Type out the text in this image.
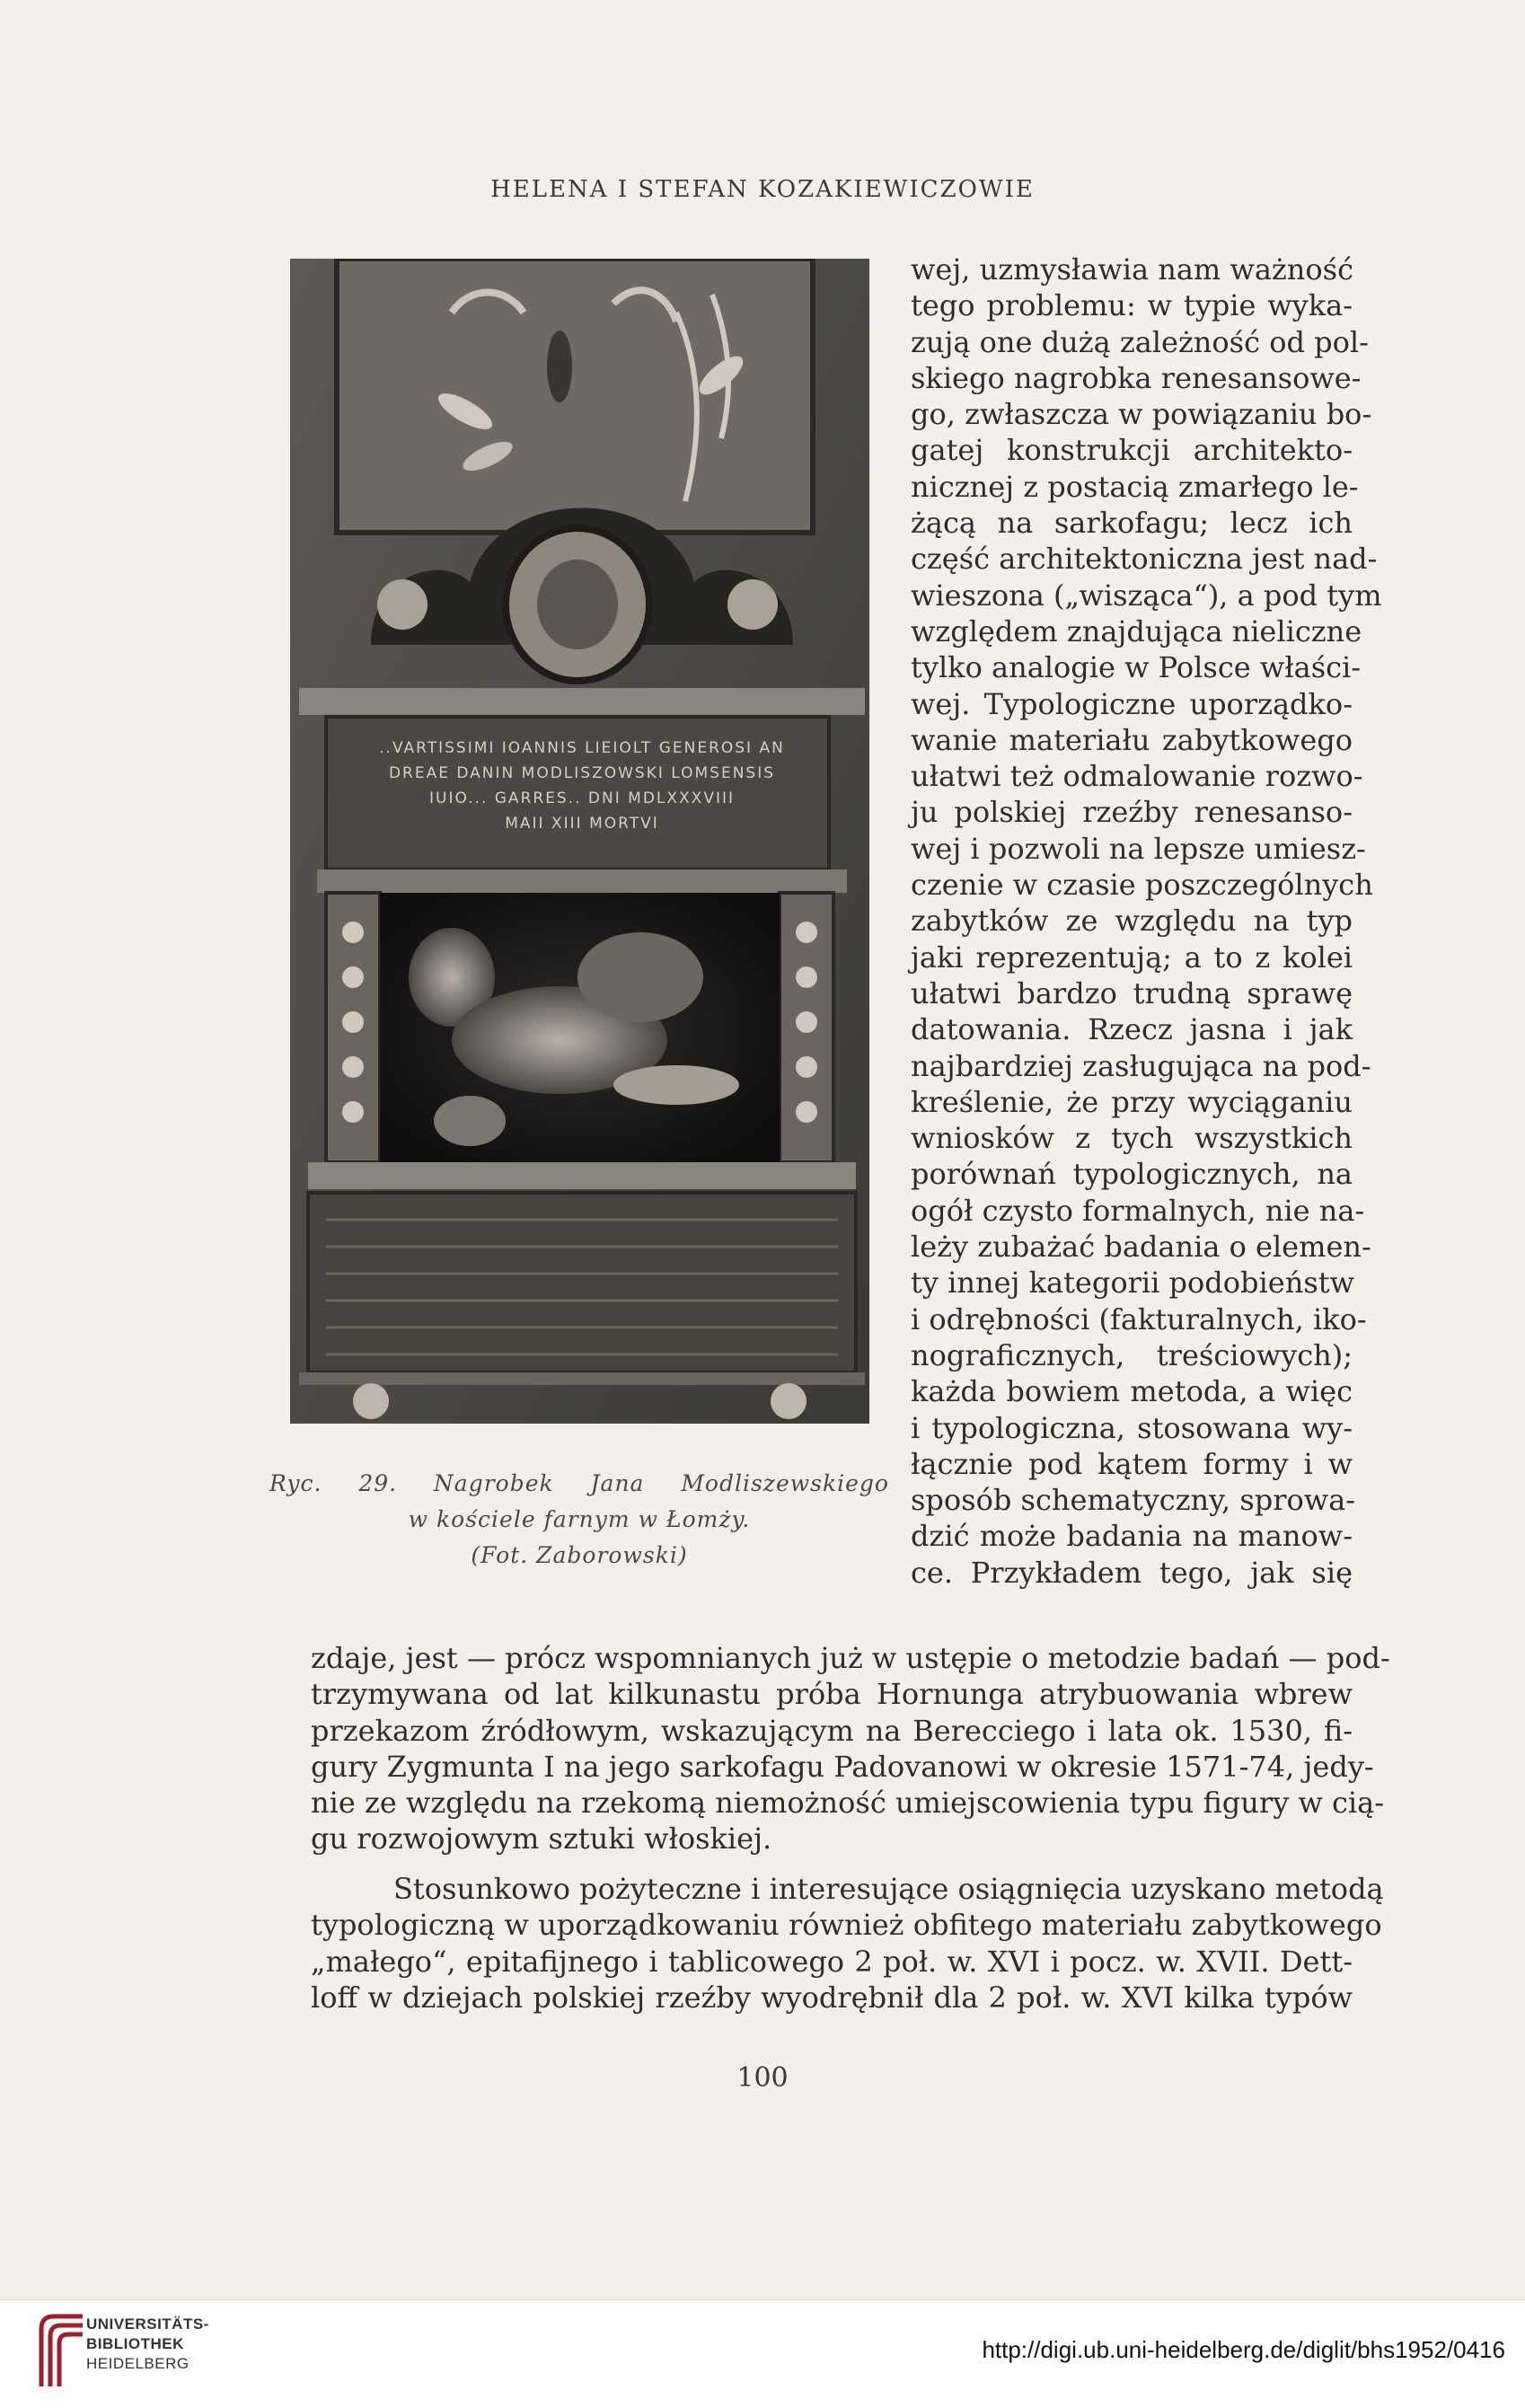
HELENA I STEFAN KOZAKIEWICZOWIE
..VARTISSIMI IOANNIS LIEIOLT GENEROSI AN
DREAE DANIN MODLISZOWSKI LOMSENSIS
IUIO... GARRES.. DNI MDLXXXVIII
MAII XIII MORTVI
Ryc. 29. Nagrobek Jana Modliszewskiego
w kościele farnym w Łomży.
(Fot. Zaborowski)
wej, uzmysławia nam ważność
tego problemu: w typie wyka-
zują one dużą zależność od pol-
skiego nagrobka renesansowe-
go, zwłaszcza w powiązaniu bo-
gatej konstrukcji architekto-
nicznej z postacią zmarłego le-
żącą na sarkofagu; lecz ich
część architektoniczna jest nad-
wieszona („wisząca“), a pod tym
względem znajdująca nieliczne
tylko analogie w Polsce właści-
wej. Typologiczne uporządko-
wanie materiału zabytkowego
ułatwi też odmalowanie rozwo-
ju polskiej rzeźby renesanso-
wej i pozwoli na lepsze umiesz-
czenie w czasie poszczególnych
zabytków ze względu na typ
jaki reprezentują; a to z kolei
ułatwi bardzo trudną sprawę
datowania. Rzecz jasna i jak
najbardziej zasługująca na pod-
kreślenie, że przy wyciąganiu
wniosków z tych wszystkich
porównań typologicznych, na
ogół czysto formalnych, nie na-
leży zubażać badania o elemen-
ty innej kategorii podobieństw
i odrębności (fakturalnych, iko-
nograficznych, treściowych);
każda bowiem metoda, a więc
i typologiczna, stosowana wy-
łącznie pod kątem formy i w
sposób schematyczny, sprowa-
dzić może badania na manow-
ce. Przykładem tego, jak się
zdaje, jest — prócz wspomnianych już w ustępie o metodzie badań — pod-
trzymywana od lat kilkunastu próba Hornunga atrybuowania wbrew
przekazom źródłowym, wskazującym na Berecciego i lata ok. 1530, fi-
gury Zygmunta I na jego sarkofagu Padovanowi w okresie 1571-74, jedy-
nie ze względu na rzekomą niemożność umiejscowienia typu figury w cią-
gu rozwojowym sztuki włoskiej.
Stosunkowo pożyteczne i interesujące osiągnięcia uzyskano metodą
typologiczną w uporządkowaniu również obfitego materiału zabytkowego
„małego“, epitafijnego i tablicowego 2 poł. w. XVI i pocz. w. XVII. Dett-
loff w dziejach polskiej rzeźby wyodrębnił dla 2 poł. w. XVI kilka typów
100
UNIVERSITÄTS-
BIBLIOTHEK
HEIDELBERG
http://digi.ub.uni-heidelberg.de/diglit/bhs1952/0416
